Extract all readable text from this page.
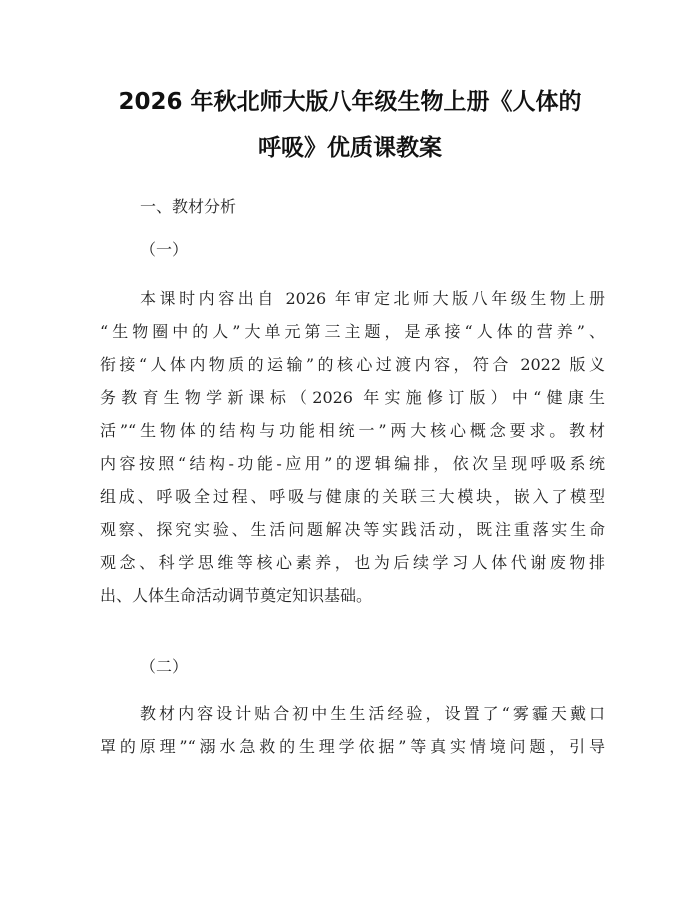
2026 年秋北师大版八年级生物上册《人体的
呼吸》优质课教案
一、教材分析
（一）
本课时内容出自 2026 年审定北师大版八年级生物上册
“生物圈中的人”大单元第三主题，是承接“人体的营养”、
衔接“人体内物质的运输”的核心过渡内容，符合 2022 版义
务教育生物学新课标（2026 年实施修订版）中“健康生
活”“生物体的结构与功能相统一”两大核心概念要求。教材
内容按照“结构-功能-应用”的逻辑编排，依次呈现呼吸系统
组成、呼吸全过程、呼吸与健康的关联三大模块，嵌入了模型
观察、探究实验、生活问题解决等实践活动，既注重落实生命
观念、科学思维等核心素养，也为后续学习人体代谢废物排
出、人体生命活动调节奠定知识基础。
（二）
教材内容设计贴合初中生生活经验，设置了“雾霾天戴口
罩的原理”“溺水急救的生理学依据”等真实情境问题，引导
